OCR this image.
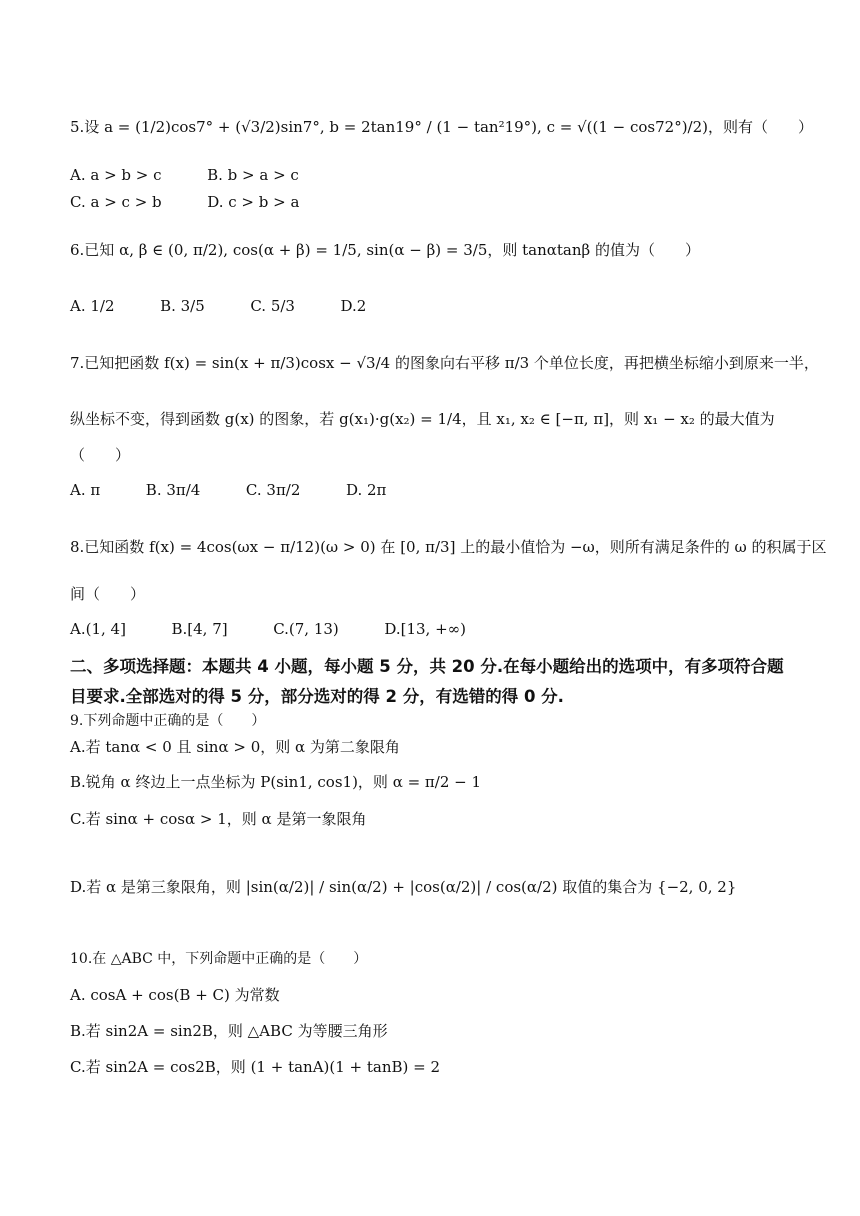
5.设 a = (1/2)cos7° + (√3/2)sin7°, b = 2tan19° / (1 − tan²19°), c = √((1 − cos72°)/2)，则有（　　）
A. a > b > c	B. b > a > c
C. a > c > b	D. c > b > a
6.已知 α, β ∈ (0, π/2), cos(α + β) = 1/5, sin(α − β) = 3/5，则 tanαtanβ 的值为（　　）
A. 1/2	B. 3/5	C. 5/3	D.2
7.已知把函数 f(x) = sin(x + π/3)cosx − √3/4 的图象向右平移 π/3 个单位长度，再把横坐标缩小到原来一半，
纵坐标不变，得到函数 g(x) 的图象，若 g(x₁)·g(x₂) = 1/4，且 x₁, x₂ ∈ [−π, π]，则 x₁ − x₂ 的最大值为
（　　）
A. π	B. 3π/4	C. 3π/2	D. 2π
8.已知函数 f(x) = 4cos(ωx − π/12)(ω > 0) 在 [0, π/3] 上的最小值恰为 −ω，则所有满足条件的 ω 的积属于区
间（　　）
A.(1, 4]	B.[4, 7]	C.(7, 13)	D.[13, +∞)
二、多项选择题：本题共 4 小题，每小题 5 分，共 20 分.在每小题给出的选项中，有多项符合题目要求.全部选对的得 5 分，部分选对的得 2 分，有选错的得 0 分.
9.下列命题中正确的是（　　）
A.若 tanα < 0 且 sinα > 0，则 α 为第二象限角
B.锐角 α 终边上一点坐标为 P(sin1, cos1)，则 α = π/2 − 1
C.若 sinα + cosα > 1，则 α 是第一象限角
D.若 α 是第三象限角，则 |sin(α/2)| / sin(α/2) + |cos(α/2)| / cos(α/2) 取值的集合为 {−2, 0, 2}
10.在 △ABC 中，下列命题中正确的是（　　）
A. cosA + cos(B + C) 为常数
B.若 sin2A = sin2B，则 △ABC 为等腰三角形
C.若 sin2A = cos2B，则 (1 + tanA)(1 + tanB) = 2
